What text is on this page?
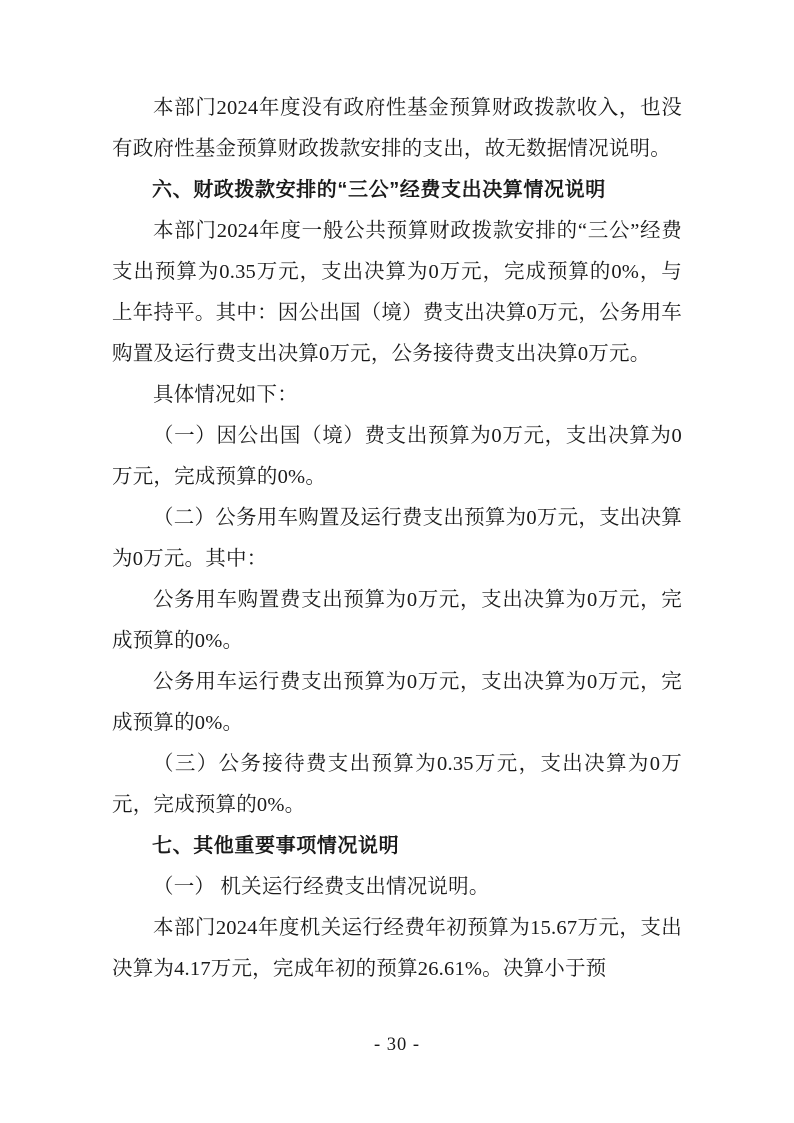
本部门2024年度没有政府性基金预算财政拨款收入，也没有政府性基金预算财政拨款安排的支出，故无数据情况说明。

六、财政拨款安排的“三公”经费支出决算情况说明

本部门2024年度一般公共预算财政拨款安排的“三公”经费支出预算为0.35万元，支出决算为0万元，完成预算的0%，与上年持平。其中：因公出国（境）费支出决算0万元，公务用车购置及运行费支出决算0万元，公务接待费支出决算0万元。

具体情况如下：

（一）因公出国（境）费支出预算为0万元，支出决算为0万元，完成预算的0%。

（二）公务用车购置及运行费支出预算为0万元，支出决算为0万元。其中：

公务用车购置费支出预算为0万元，支出决算为0万元，完成预算的0%。

公务用车运行费支出预算为0万元，支出决算为0万元，完成预算的0%。

（三）公务接待费支出预算为0.35万元，支出决算为0万元，完成预算的0%。

七、其他重要事项情况说明

（一） 机关运行经费支出情况说明。

本部门2024年度机关运行经费年初预算为15.67万元，支出决算为4.17万元，完成年初的预算26.61%。决算小于预

- 30 -
